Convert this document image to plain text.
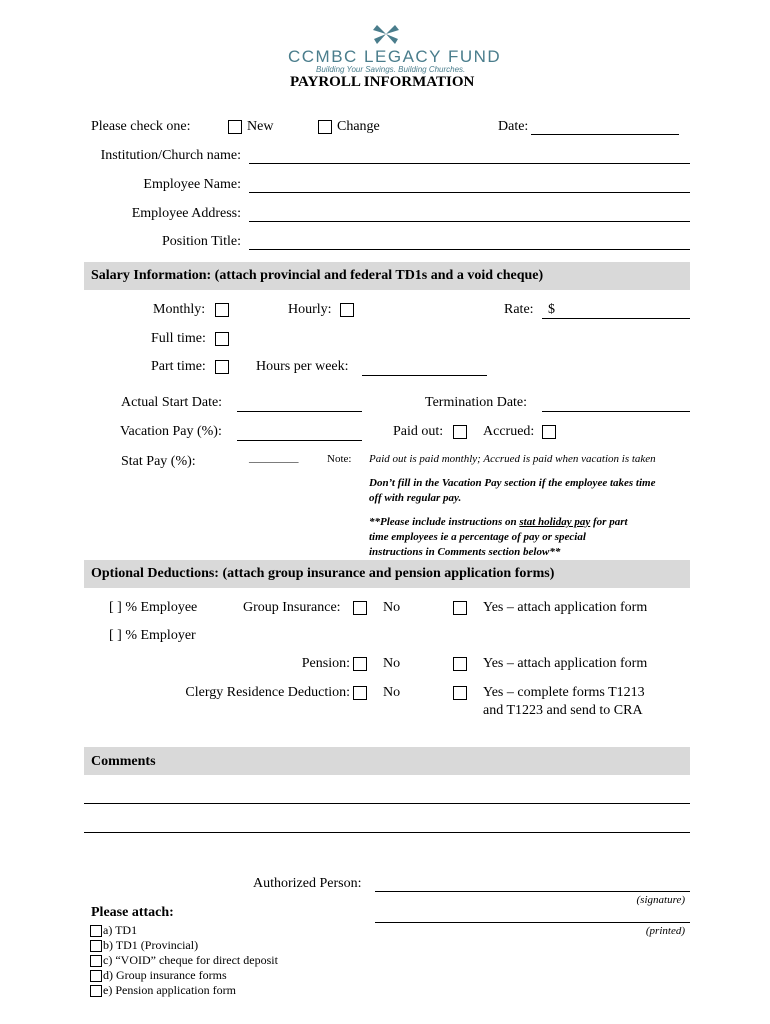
CCMBC LEGACY FUND
Building Your Savings. Building Churches.
PAYROLL INFORMATION
Please check one:	New	Change	Date:
Institution/Church name:
Employee Name:
Employee Address:
Position Title:
Salary Information: (attach provincial and federal TD1s and a void cheque)
Monthly:	Hourly:	Rate: $
Full time:
Part time:	Hours per week:
Actual Start Date:	Termination Date:
Vacation Pay (%):	Paid out:	Accrued:
Stat Pay (%):	_________	Note: Paid out is paid monthly; Accrued is paid when vacation is taken
Don’t fill in the Vacation Pay section if the employee takes time
off with regular pay.
**Please include instructions on stat holiday pay for part
time employees ie a percentage of pay or special
instructions in Comments section below**
Optional Deductions: (attach group insurance and pension application forms)
[ ] % Employee	Group Insurance:	No	Yes – attach application form
[ ] % Employer
Pension: No	Yes – attach application form
Clergy Residence Deduction: No	Yes – complete forms T1213
and T1223 and send to CRA
Comments
Authorized Person:
(signature)
(printed)
Please attach:
a) TD1
b) TD1 (Provincial)
c) “VOID” cheque for direct deposit
d) Group insurance forms
e) Pension application form
